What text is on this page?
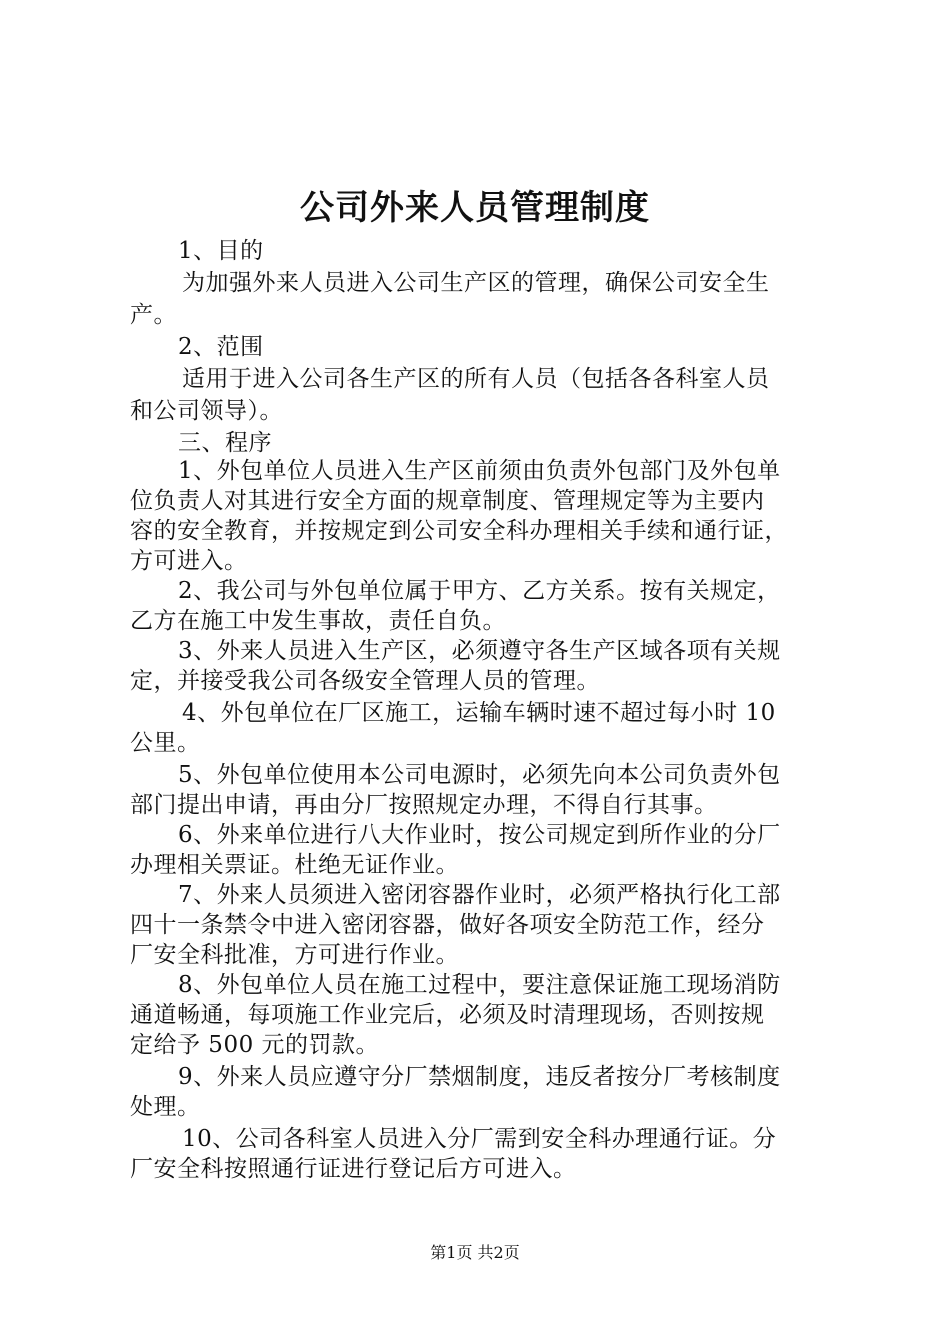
公司外来人员管理制度
1、目的
为加强外来人员进入公司生产区的管理，确保公司安全生
产。
2、范围
适用于进入公司各生产区的所有人员（包括各各科室人员
和公司领导）。
三、程序
1、外包单位人员进入生产区前须由负责外包部门及外包单
位负责人对其进行安全方面的规章制度、管理规定等为主要内
容的安全教育，并按规定到公司安全科办理相关手续和通行证，
方可进入。
2、我公司与外包单位属于甲方、乙方关系。按有关规定，
乙方在施工中发生事故，责任自负。
3、外来人员进入生产区，必须遵守各生产区域各项有关规
定，并接受我公司各级安全管理人员的管理。
4、外包单位在厂区施工，运输车辆时速不超过每小时 10
公里。
5、外包单位使用本公司电源时，必须先向本公司负责外包
部门提出申请，再由分厂按照规定办理，不得自行其事。
6、外来单位进行八大作业时，按公司规定到所作业的分厂
办理相关票证。杜绝无证作业。
7、外来人员须进入密闭容器作业时，必须严格执行化工部
四十一条禁令中进入密闭容器，做好各项安全防范工作，经分
厂安全科批准，方可进行作业。
8、外包单位人员在施工过程中，要注意保证施工现场消防
通道畅通，每项施工作业完后，必须及时清理现场，否则按规
定给予 500 元的罚款。
9、外来人员应遵守分厂禁烟制度，违反者按分厂考核制度
处理。
10、公司各科室人员进入分厂需到安全科办理通行证。分
厂安全科按照通行证进行登记后方可进入。
第1页 共2页
